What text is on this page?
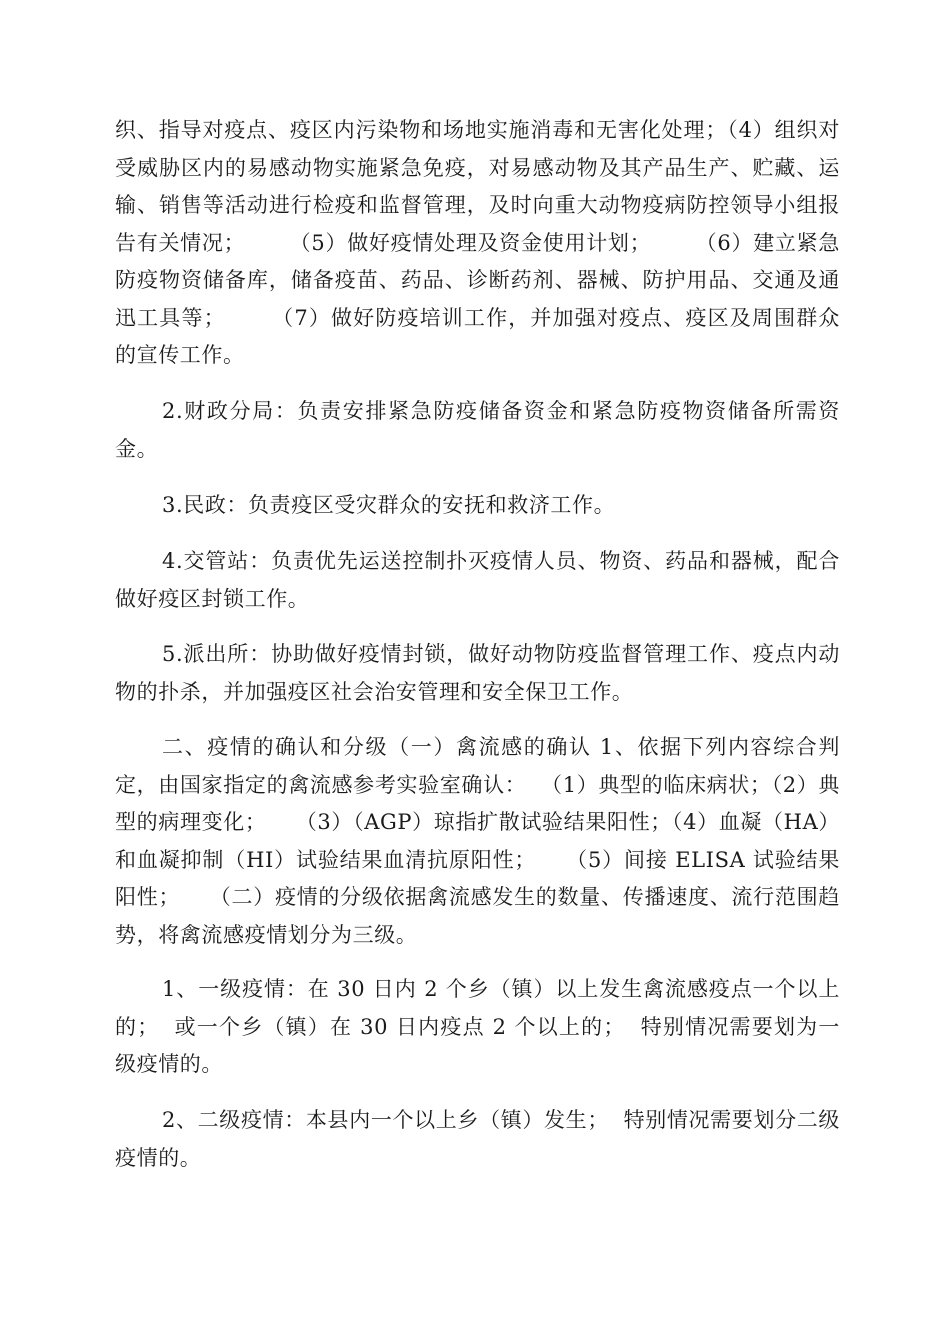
织、指导对疫点、疫区内污染物和场地实施消毒和无害化处理；（4）组织对受威胁区内的易感动物实施紧急免疫，对易感动物及其产品生产、贮藏、运输、销售等活动进行检疫和监督管理，及时向重大动物疫病防控领导小组报告有关情况；      （5）做好疫情处理及资金使用计划；      （6）建立紧急防疫物资储备库，储备疫苗、药品、诊断药剂、器械、防护用品、交通及通迅工具等；      （7）做好防疫培训工作，并加强对疫点、疫区及周围群众的宣传工作。

2.财政分局：负责安排紧急防疫储备资金和紧急防疫物资储备所需资金。

3.民政：负责疫区受灾群众的安抚和救济工作。

4.交管站：负责优先运送控制扑灭疫情人员、物资、药品和器械，配合做好疫区封锁工作。

5.派出所：协助做好疫情封锁，做好动物防疫监督管理工作、疫点内动物的扑杀，并加强疫区社会治安管理和安全保卫工作。

二、疫情的确认和分级（一）禽流感的确认 1、依据下列内容综合判定，由国家指定的禽流感参考实验室确认：  （1）典型的临床病状；（2）典型的病理变化；    （3）（AGP）琼指扩散试验结果阳性；（4）血凝（HA）和血凝抑制（HI）试验结果血清抗原阳性；    （5）间接 ELISA 试验结果阳性；    （二）疫情的分级依据禽流感发生的数量、传播速度、流行范围趋势，将禽流感疫情划分为三级。

1、一级疫情：在 30 日内 2 个乡（镇）以上发生禽流感疫点一个以上的；  或一个乡（镇）在 30 日内疫点 2 个以上的；  特别情况需要划为一级疫情的。

2、二级疫情：本县内一个以上乡（镇）发生；  特别情况需要划分二级疫情的。
